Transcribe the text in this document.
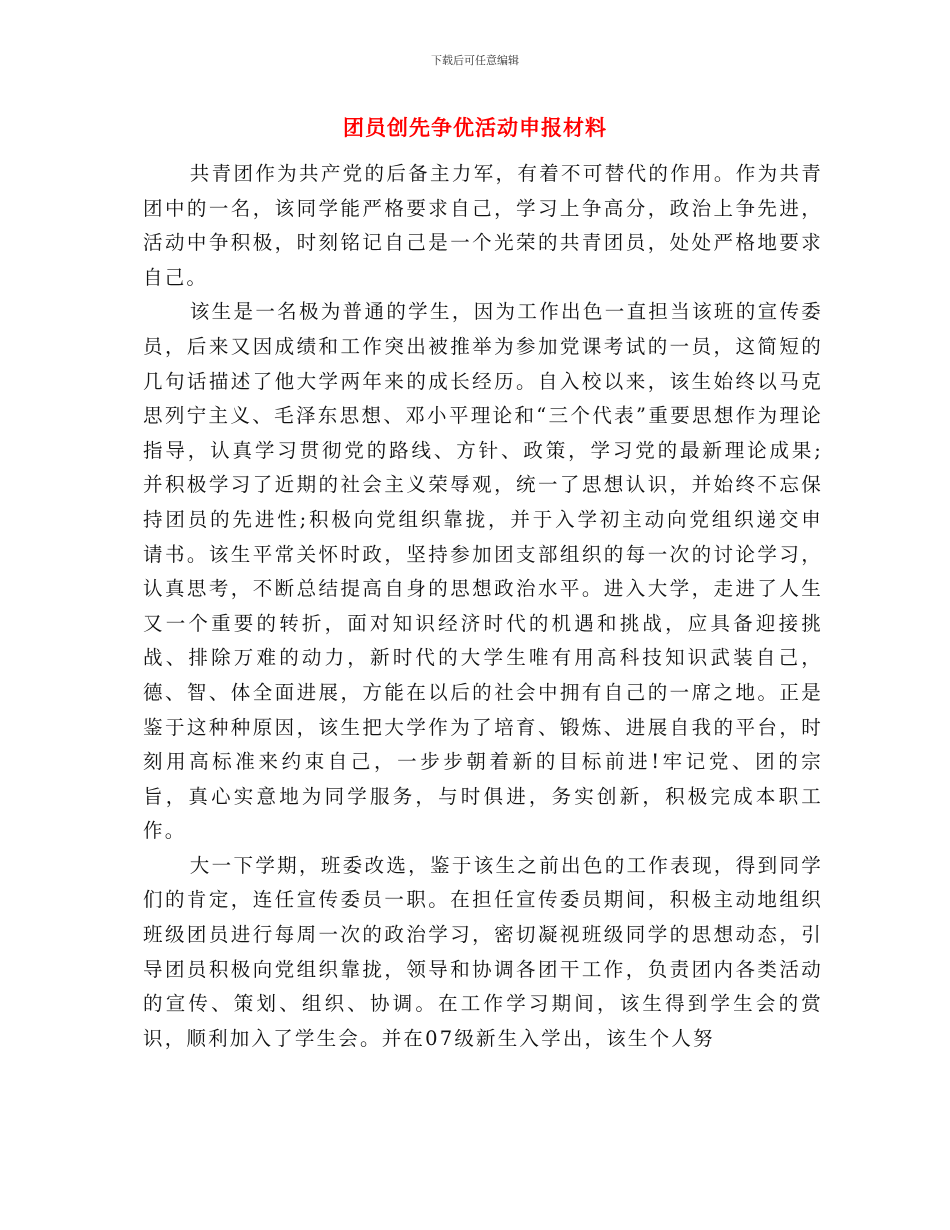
下载后可任意编辑
团员创先争优活动申报材料

共青团作为共产党的后备主力军，有着不可替代的作用。作为共青团中的一名，该同学能严格要求自己，学习上争高分，政治上争先进，活动中争积极，时刻铭记自己是一个光荣的共青团员，处处严格地要求自己。

该生是一名极为普通的学生，因为工作出色一直担当该班的宣传委员，后来又因成绩和工作突出被推举为参加党课考试的一员，这简短的几句话描述了他大学两年来的成长经历。自入校以来，该生始终以马克思列宁主义、毛泽东思想、邓小平理论和“三个代表”重要思想作为理论指导，认真学习贯彻党的路线、方针、政策，学习党的最新理论成果;并积极学习了近期的社会主义荣辱观，统一了思想认识，并始终不忘保持团员的先进性;积极向党组织靠拢，并于入学初主动向党组织递交申请书。该生平常关怀时政，坚持参加团支部组织的每一次的讨论学习，认真思考，不断总结提高自身的思想政治水平。进入大学，走进了人生又一个重要的转折，面对知识经济时代的机遇和挑战，应具备迎接挑战、排除万难的动力，新时代的大学生唯有用高科技知识武装自己，德、智、体全面进展，方能在以后的社会中拥有自己的一席之地。正是鉴于这种种原因，该生把大学作为了培育、锻炼、进展自我的平台，时刻用高标准来约束自己，一步步朝着新的目标前进!牢记党、团的宗旨，真心实意地为同学服务，与时俱进，务实创新，积极完成本职工作。

大一下学期，班委改选，鉴于该生之前出色的工作表现，得到同学们的肯定，连任宣传委员一职。在担任宣传委员期间，积极主动地组织班级团员进行每周一次的政治学习，密切凝视班级同学的思想动态，引导团员积极向党组织靠拢，领导和协调各团干工作，负责团内各类活动的宣传、策划、组织、协调。在工作学习期间，该生得到学生会的赏识，顺利加入了学生会。并在07级新生入学出，该生个人努
